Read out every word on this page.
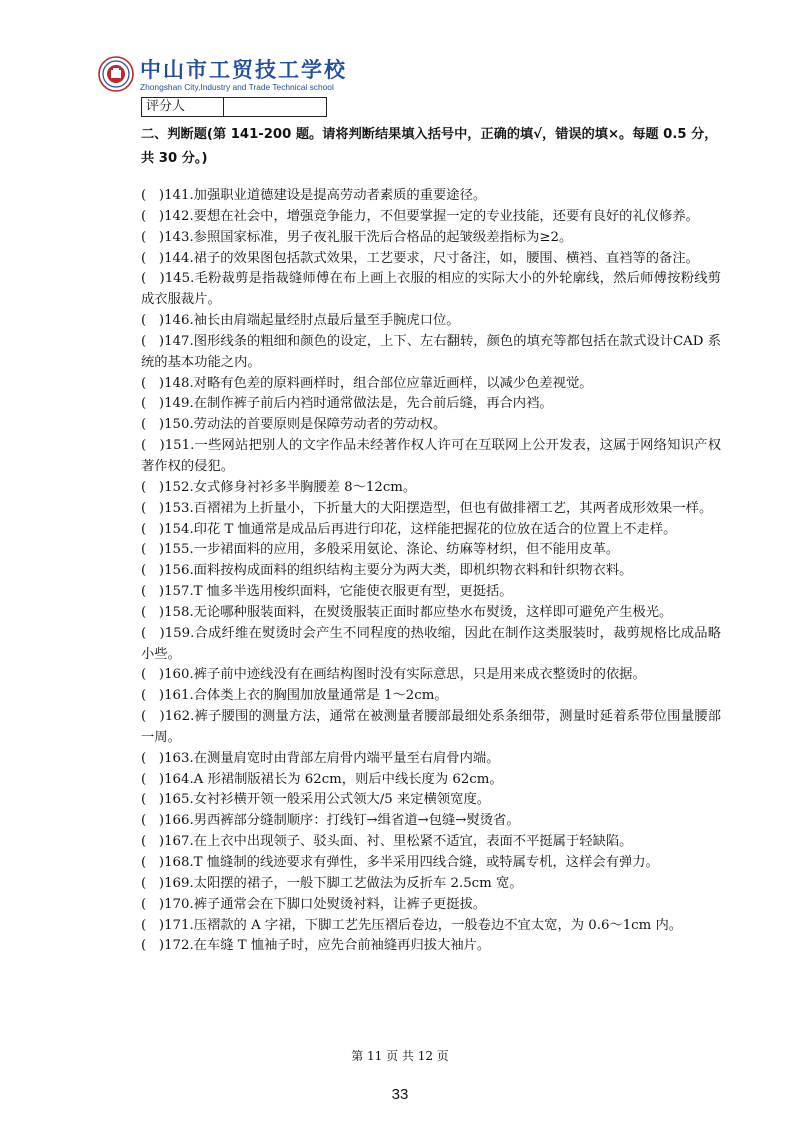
中山市工贸技工学校
Zhongshan City,Industry and Trade Technical school
评分人
二、判断题(第 141-200 题。请将判断结果填入括号中，正确的填√，错误的填×。每题 0.5 分，共 30 分。)

(   )141.加强职业道德建设是提高劳动者素质的重要途径。

(   )142.要想在社会中，增强竞争能力，不但要掌握一定的专业技能，还要有良好的礼仪修养。

(   )143.参照国家标准，男子夜礼服干洗后合格品的起皱级差指标为≥2。

(   )144.裙子的效果图包括款式效果，工艺要求，尺寸备注，如，腰围、横裆、直裆等的备注。

(   )145.毛粉裁剪是指裁缝师傅在布上画上衣服的相应的实际大小的外轮廓线，然后师傅按粉线剪成衣服裁片。

(   )146.袖长由肩端起量经肘点最后量至手腕虎口位。

(   )147.图形线条的粗细和颜色的设定，上下、左右翻转，颜色的填充等都包括在款式设计CAD 系统的基本功能之内。

(   )148.对略有色差的原料画样时，组合部位应靠近画样，以减少色差视觉。

(   )149.在制作裤子前后内裆时通常做法是，先合前后缝，再合内裆。

(   )150.劳动法的首要原则是保障劳动者的劳动权。

(   )151.一些网站把别人的文字作品未经著作权人许可在互联网上公开发表，这属于网络知识产权著作权的侵犯。

(   )152.女式修身衬衫多半胸腰差 8～12cm。

(   )153.百褶裙为上折量小，下折量大的大阳摆造型，但也有做排褶工艺，其两者成形效果一样。

(   )154.印花 T 恤通常是成品后再进行印花，这样能把握花的位放在适合的位置上不走样。

(   )155.一步裙面料的应用，多般采用氨论、涤论、纺麻等材织，但不能用皮革。

(   )156.面料按构成面料的组织结构主要分为两大类，即机织物衣料和针织物衣料。

(   )157.T 恤多半选用梭织面料，它能使衣服更有型，更挺括。

(   )158.无论哪种服装面料，在熨烫服装正面时都应垫水布熨烫，这样即可避免产生极光。

(   )159.合成纤维在熨烫时会产生不同程度的热收缩，因此在制作这类服装时，裁剪规格比成品略小些。

(   )160.裤子前中迹线没有在画结构图时没有实际意思，只是用来成衣整烫时的依据。

(   )161.合体类上衣的胸围加放量通常是 1～2cm。

(   )162.裤子腰围的测量方法，通常在被测量者腰部最细处系条细带，测量时延着系带位围量腰部一周。

(   )163.在测量肩宽时由背部左肩骨内端平量至右肩骨内端。

(   )164.A 形裙制版裙长为 62cm，则后中线长度为 62cm。

(   )165.女衬衫横开领一般采用公式领大/5 来定横领宽度。

(   )166.男西裤部分缝制顺序：打线钉→缉省道→包缝→熨烫省。

(   )167.在上衣中出现领子、驳头面、衬、里松紧不适宜，表面不平挺属于轻缺陷。

(   )168.T 恤缝制的线迹要求有弹性，多半采用四线合缝，或特属专机，这样会有弹力。

(   )169.太阳摆的裙子，一般下脚工艺做法为反折车 2.5cm 宽。

(   )170.裤子通常会在下脚口处熨烫衬料，让裤子更挺拔。

(   )171.压褶款的 A 字裙，下脚工艺先压褶后卷边，一般卷边不宜太宽，为 0.6～1cm 内。

(   )172.在车缝 T 恤袖子时，应先合前袖缝再归拔大袖片。

第 11 页 共 12 页
33
